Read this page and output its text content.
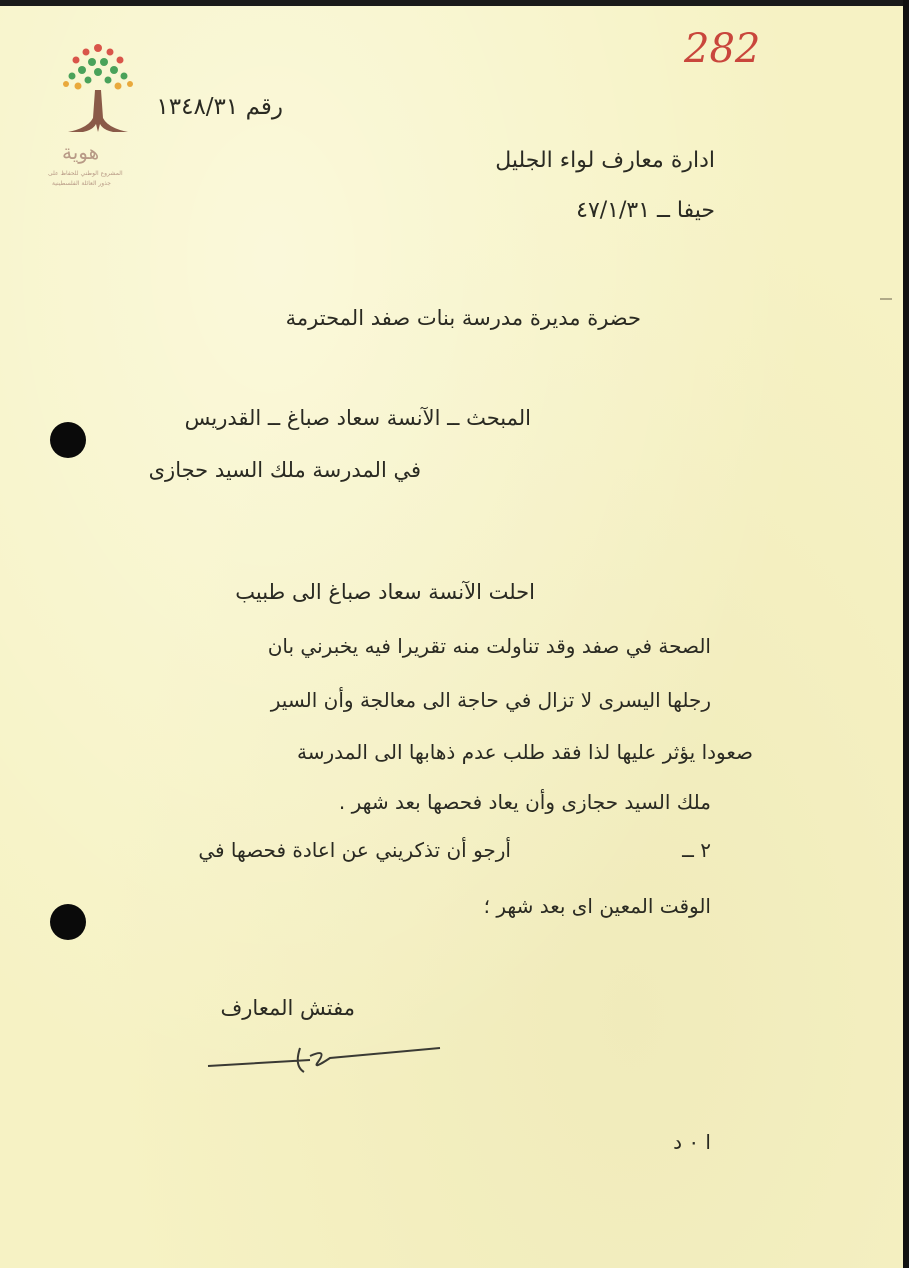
هوية
المشروع الوطني للحفاظ على
جذور العائلة الفلسطينية
رقم ١٣٤٨/٣١
282
ادارة معارف لواء الجليل
حيفا ــ ٤٧/١/٣١
حضرة مديرة مدرسة بنات صفد المحترمة
المبحث ــ الآنسة سعاد صباغ ــ القدريس
في المدرسة ملك السيد حجازى
احلت الآنسة سعاد صباغ الى طبيب
الصحة في صفد وقد تناولت منه تقريرا فيه يخبرني بان
رجلها اليسرى لا تزال في حاجة الى معالجة وأن السير
صعودا يؤثر عليها لذا فقد طلب عدم ذهابها الى المدرسة
ملك السيد حجازى وأن يعاد فحصها بعد شهر .
٢ ــ
أرجو أن تذكريني عن اعادة فحصها في
الوقت المعين اى بعد شهر ؛
مفتش المعارف
ا ٠ د
